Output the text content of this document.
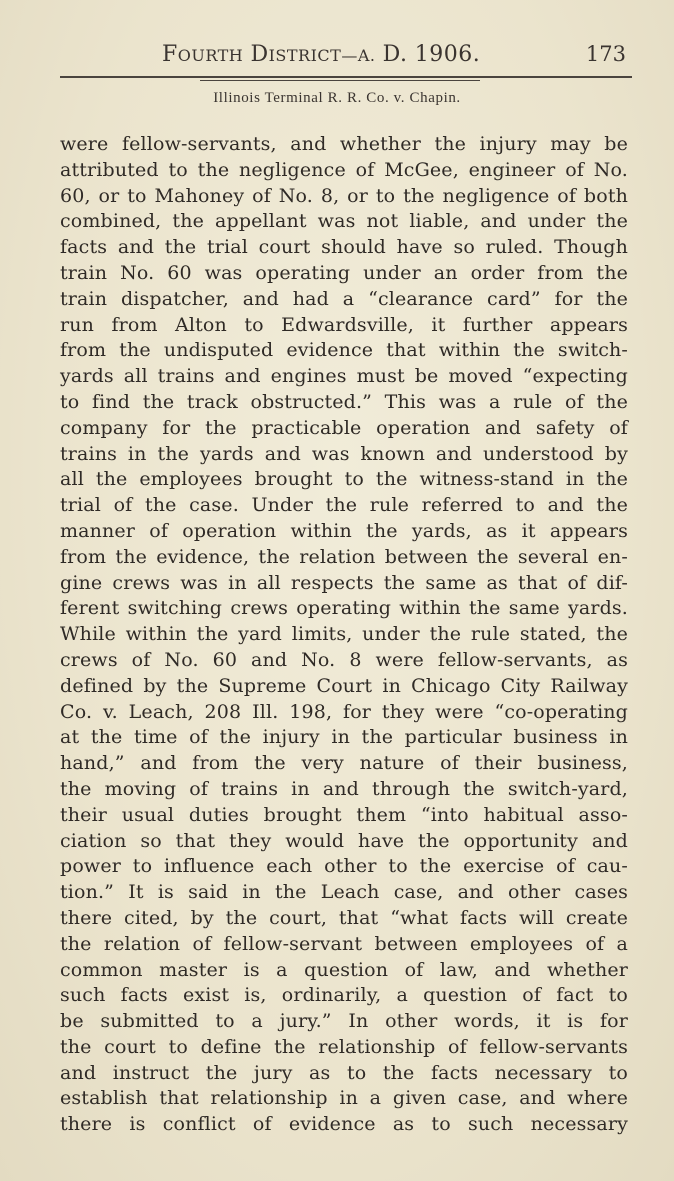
FOURTH DISTRICT—A. D. 1906.	173
Illinois Terminal R. R. Co. v. Chapin.
were fellow-servants, and whether the injury may be
attributed to the negligence of McGee, engineer of No.
60, or to Mahoney of No. 8, or to the negligence of both
combined, the appellant was not liable, and under the
facts and the trial court should have so ruled. Though
train No. 60 was operating under an order from the
train dispatcher, and had a “clearance card” for the
run from Alton to Edwardsville, it further appears
from the undisputed evidence that within the switch-
yards all trains and engines must be moved “expecting
to find the track obstructed.” This was a rule of the
company for the practicable operation and safety of
trains in the yards and was known and understood by
all the employees brought to the witness-stand in the
trial of the case. Under the rule referred to and the
manner of operation within the yards, as it appears
from the evidence, the relation between the several en-
gine crews was in all respects the same as that of dif-
ferent switching crews operating within the same yards.
While within the yard limits, under the rule stated, the
crews of No. 60 and No. 8 were fellow-servants, as
defined by the Supreme Court in Chicago City Railway
Co. v. Leach, 208 Ill. 198, for they were “co-operating
at the time of the injury in the particular business in
hand,” and from the very nature of their business,
the moving of trains in and through the switch-yard,
their usual duties brought them “into habitual asso-
ciation so that they would have the opportunity and
power to influence each other to the exercise of cau-
tion.” It is said in the Leach case, and other cases
there cited, by the court, that “what facts will create
the relation of fellow-servant between employees of a
common master is a question of law, and whether
such facts exist is, ordinarily, a question of fact to
be submitted to a jury.” In other words, it is for
the court to define the relationship of fellow-servants
and instruct the jury as to the facts necessary to
establish that relationship in a given case, and where
there is conflict of evidence as to such necessary
